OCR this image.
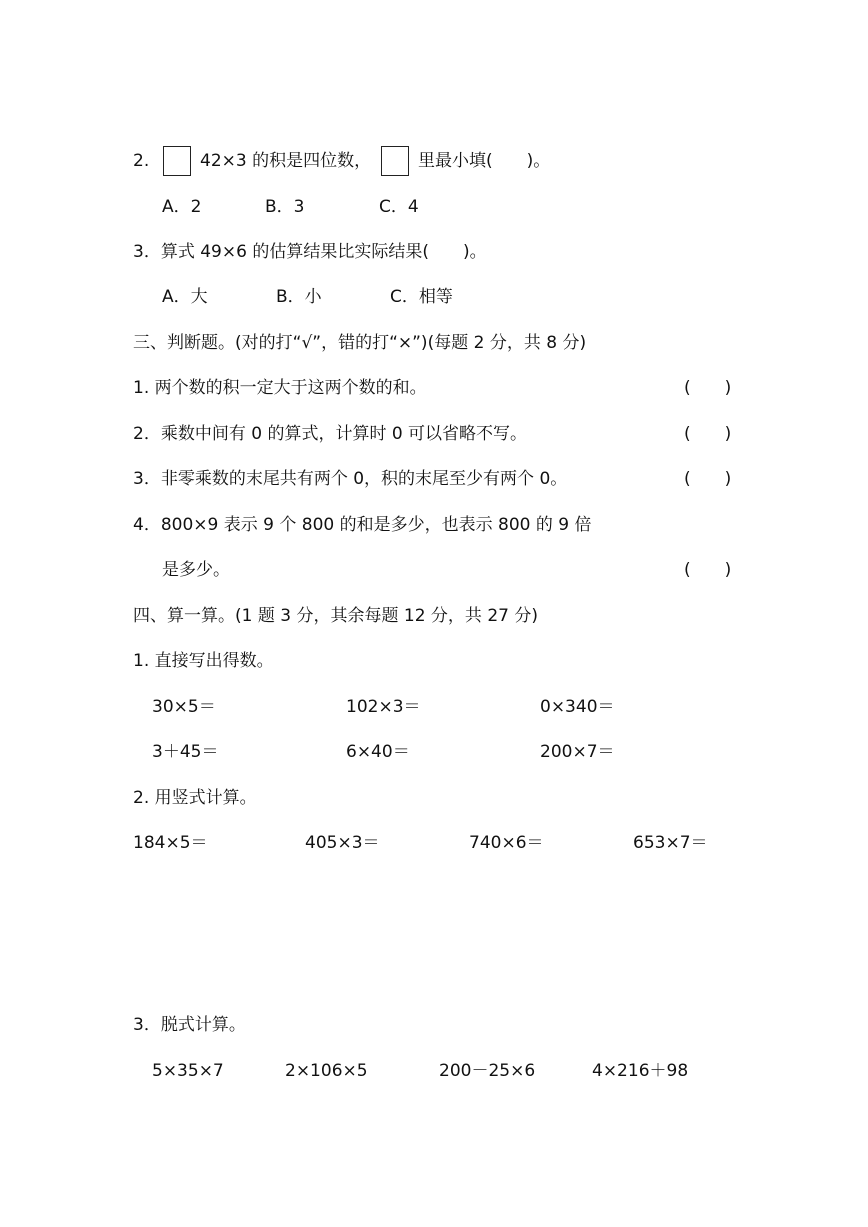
2.	42×3 的积是四位数，	里最小填(　　)。
A．2	B．3	C．4
3．算式 49×6 的估算结果比实际结果(　　)。
A．大	B．小	C．相等
三、判断题。(对的打“√”，错的打“×”)(每题 2 分，共 8 分)
1. 两个数的积一定大于这两个数的和。	(　　)
2．乘数中间有 0 的算式，计算时 0 可以省略不写。	(　　)
3．非零乘数的末尾共有两个 0，积的末尾至少有两个 0。	(　　)
4．800×9 表示 9 个 800 的和是多少，也表示 800 的 9 倍
是多少。	(　　)
四、算一算。(1 题 3 分，其余每题 12 分，共 27 分)
1. 直接写出得数。
30×5＝	102×3＝	0×340＝
3＋45＝	6×40＝	200×7＝
2. 用竖式计算。
184×5＝	405×3＝	740×6＝	653×7＝
3．脱式计算。
5×35×7	2×106×5	200－25×6	4×216＋98
